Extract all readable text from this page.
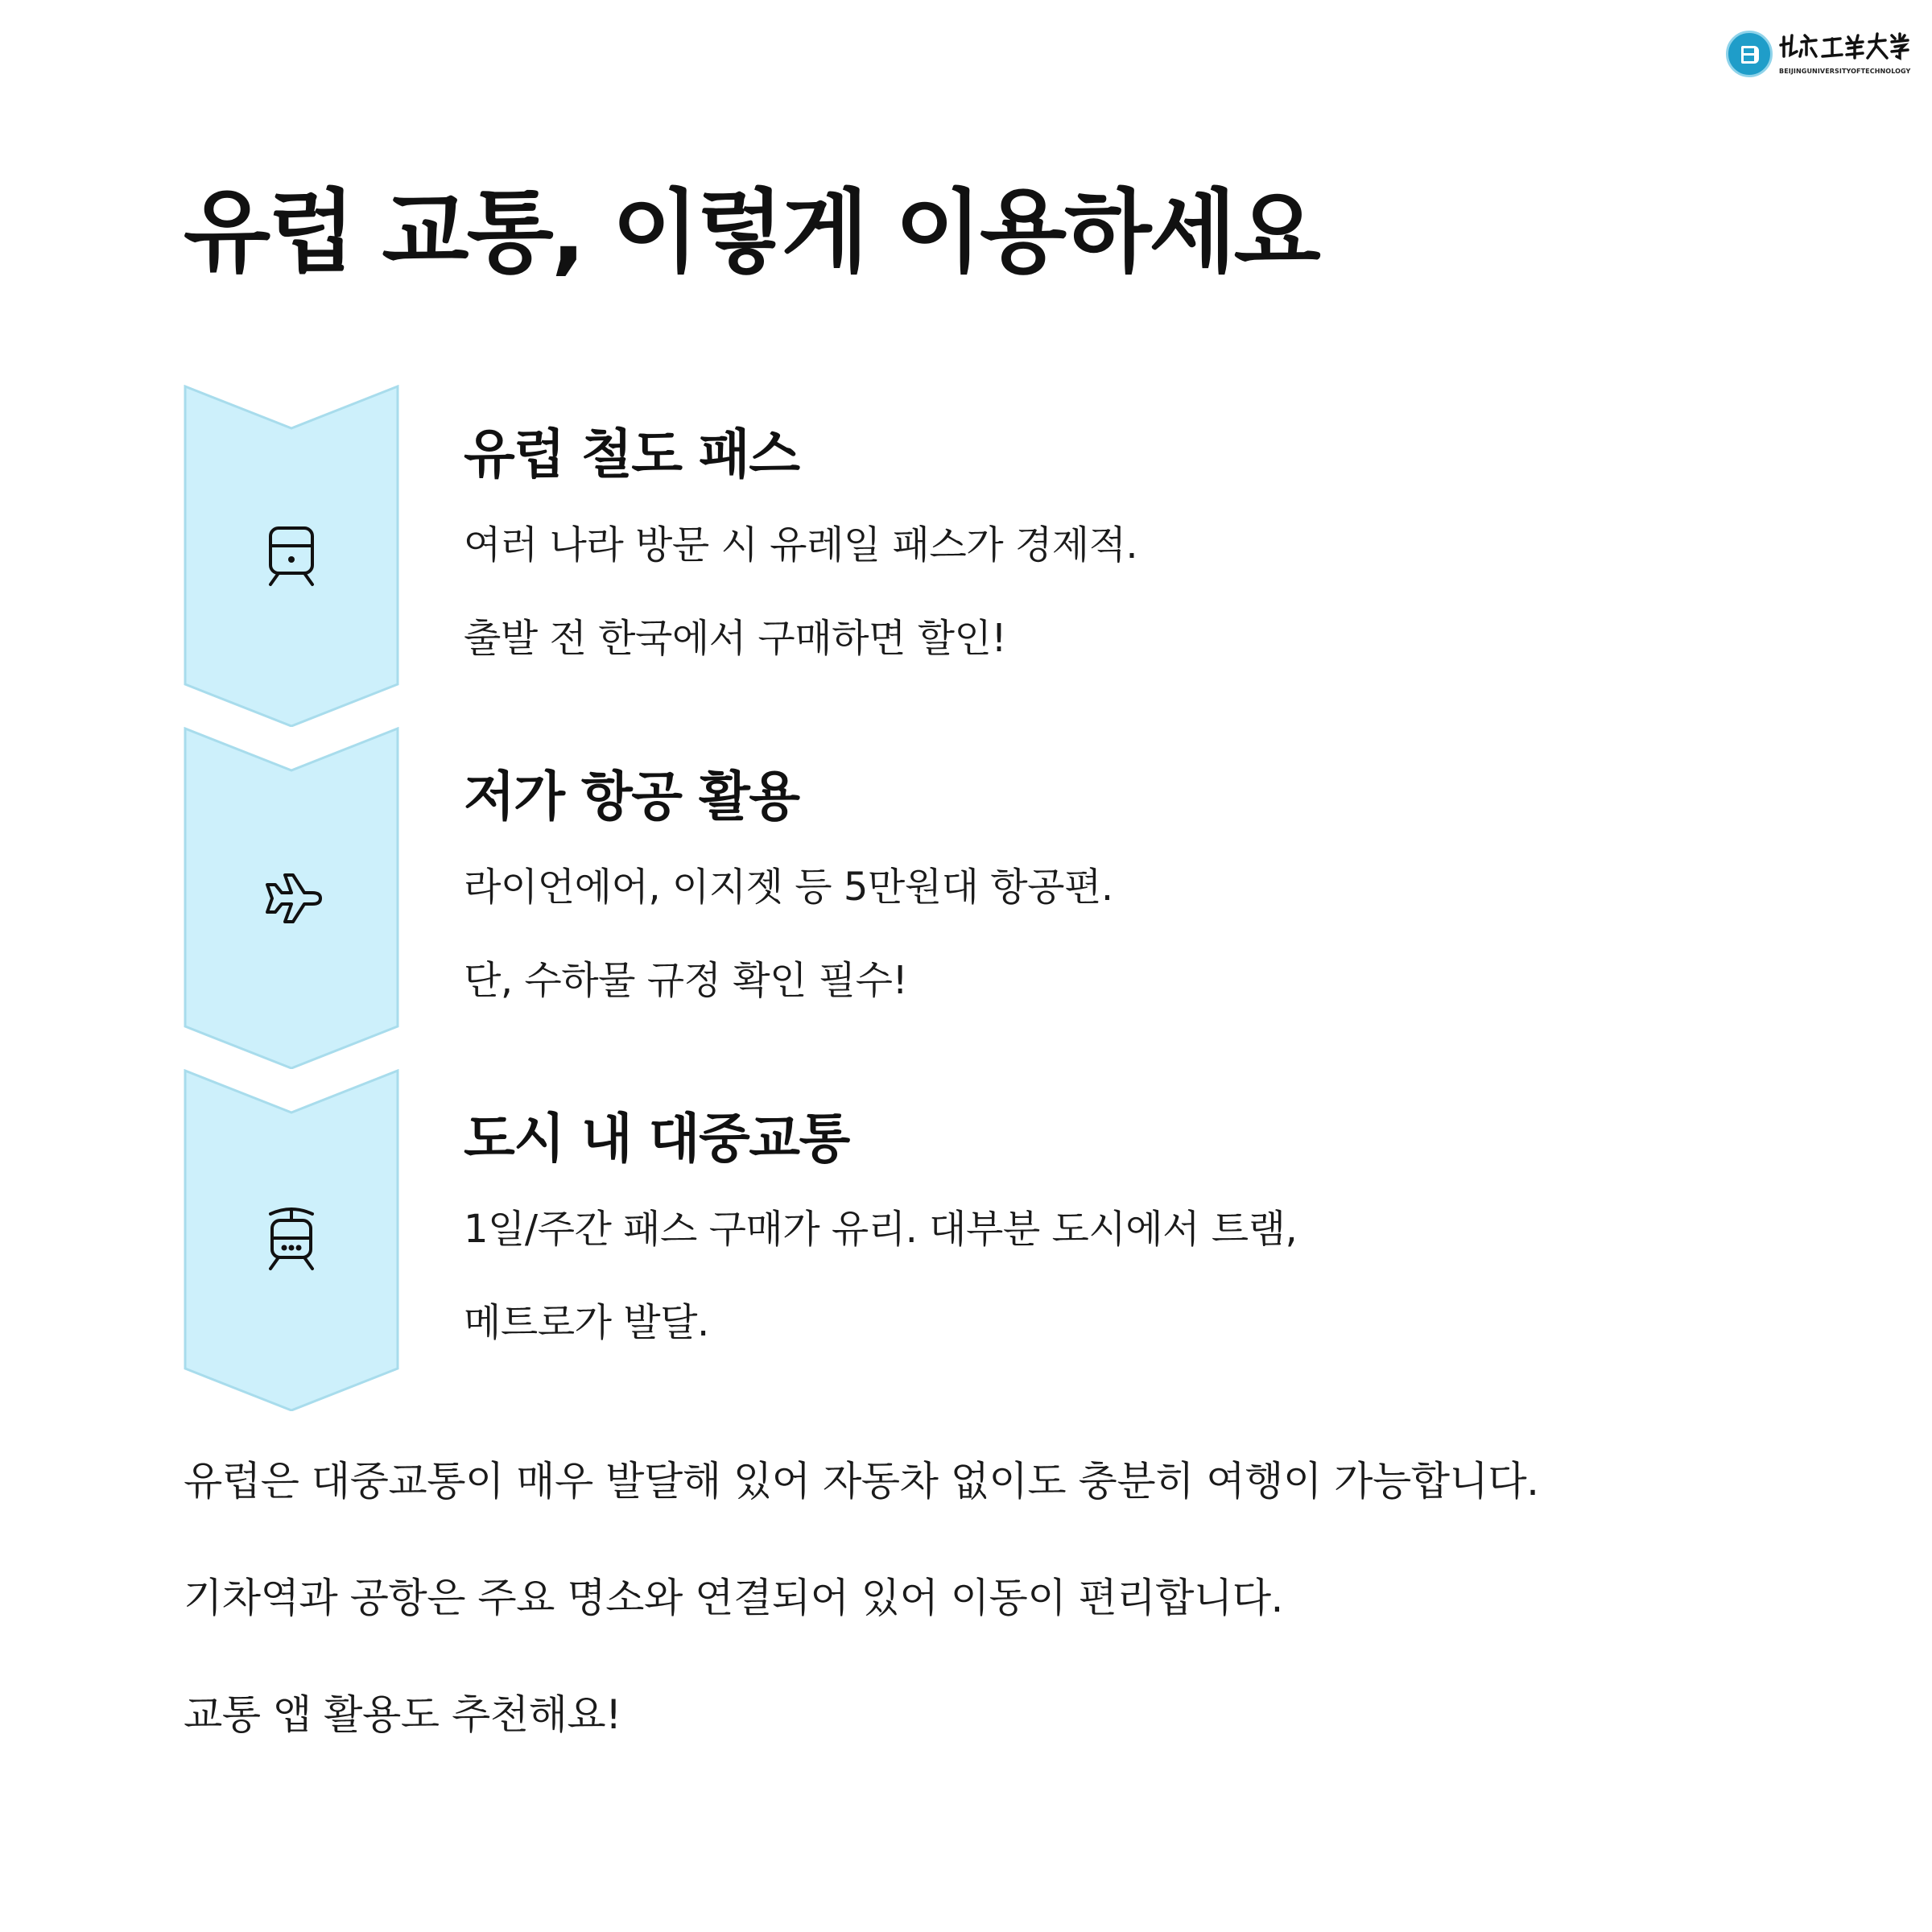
BEIJINGUNIVERSITYOFTECHNOLOGY
유럽 교통, 이렇게 이용하세요
유럽 철도 패스

여러 나라 방문 시 유레일 패스가 경제적.

출발 전 한국에서 구매하면 할인!

저가 항공 활용

라이언에어, 이지젯 등 5만원대 항공편.

단, 수하물 규정 확인 필수!

도시 내 대중교통

1일/주간 패스 구매가 유리. 대부분 도시에서 트램,

메트로가 발달.

유럽은 대중교통이 매우 발달해 있어 자동차 없이도 충분히 여행이 가능합니다.

기차역과 공항은 주요 명소와 연결되어 있어 이동이 편리합니다.

교통 앱 활용도 추천해요!
